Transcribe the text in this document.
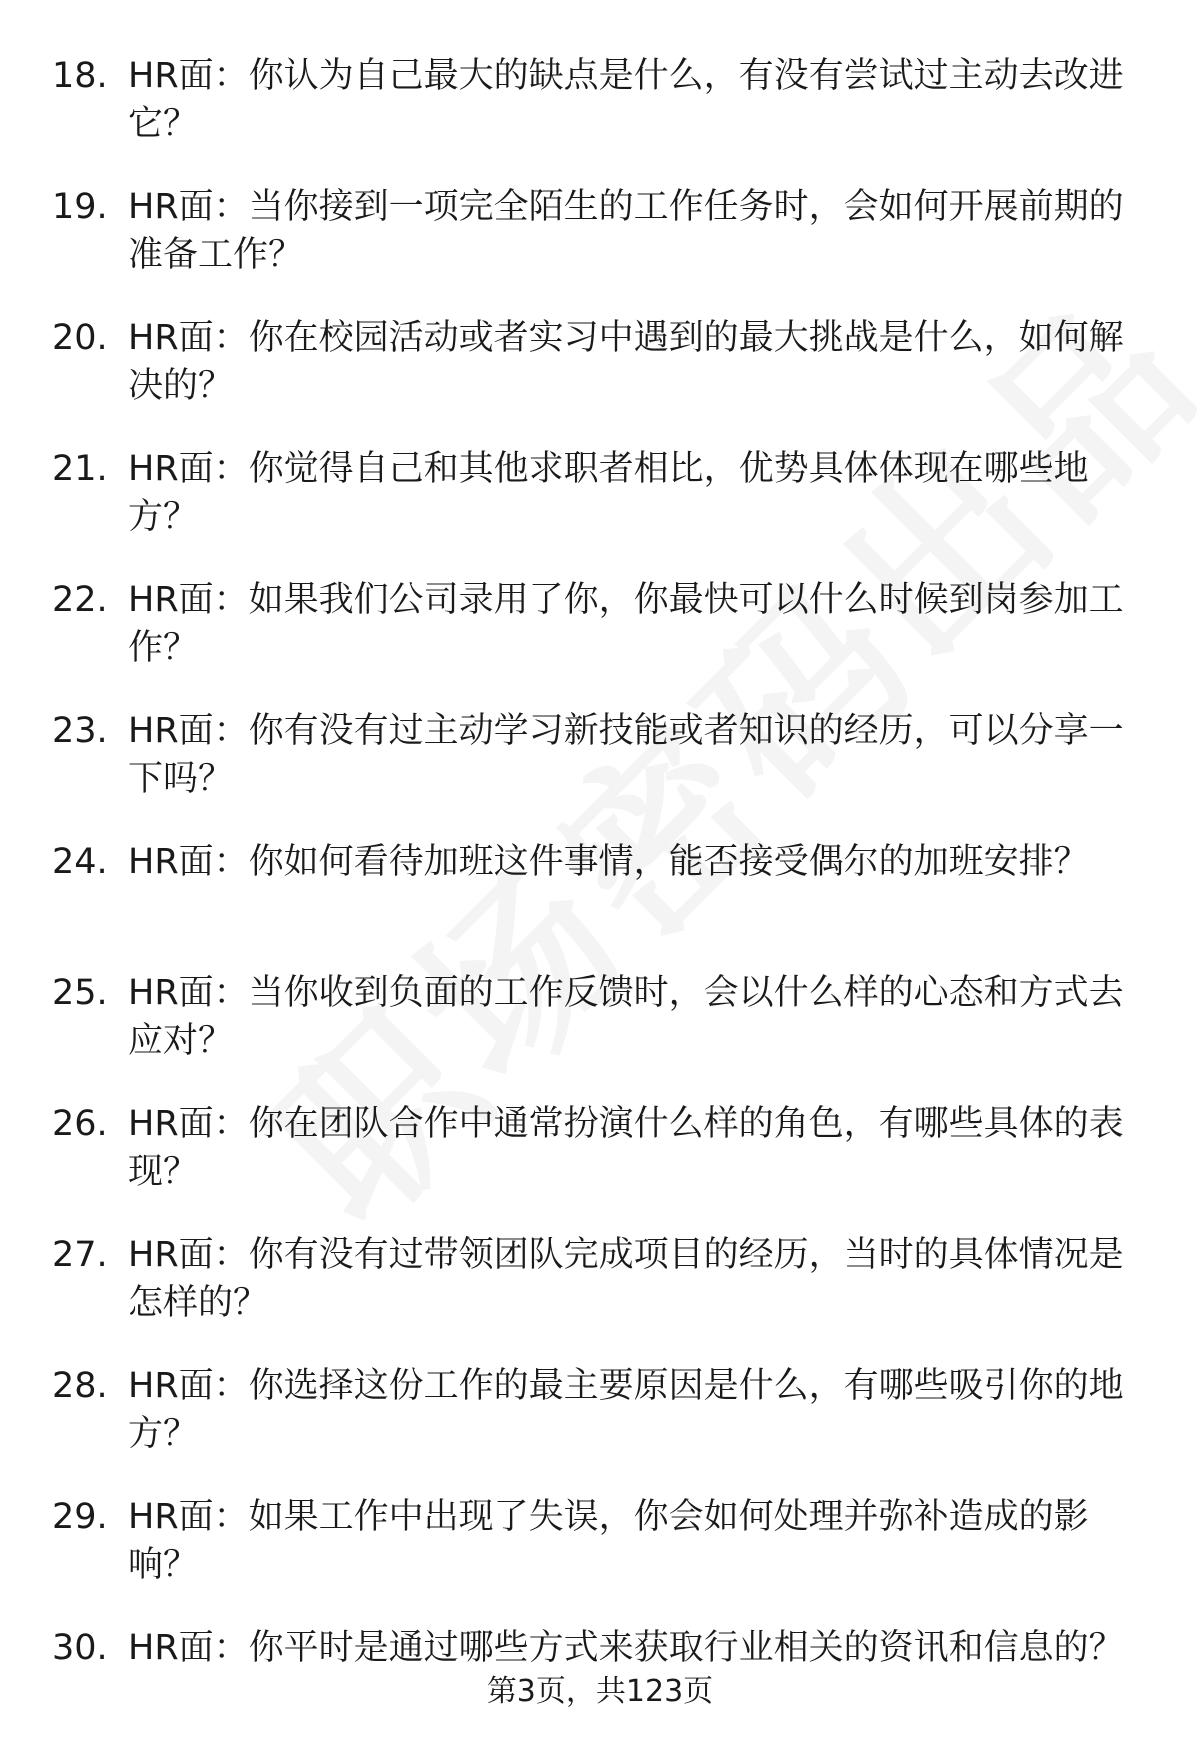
18. HR面：你认为自己最大的缺点是什么，有没有尝试过主动去改进它？
19. HR面：当你接到一项完全陌生的工作任务时，会如何开展前期的准备工作？
20. HR面：你在校园活动或者实习中遇到的最大挑战是什么，如何解决的？
21. HR面：你觉得自己和其他求职者相比，优势具体体现在哪些地方？
22. HR面：如果我们公司录用了你，你最快可以什么时候到岗参加工作？
23. HR面：你有没有过主动学习新技能或者知识的经历，可以分享一下吗？
24. HR面：你如何看待加班这件事情，能否接受偶尔的加班安排？
25. HR面：当你收到负面的工作反馈时，会以什么样的心态和方式去应对？
26. HR面：你在团队合作中通常扮演什么样的角色，有哪些具体的表现？
27. HR面：你有没有过带领团队完成项目的经历，当时的具体情况是怎样的？
28. HR面：你选择这份工作的最主要原因是什么，有哪些吸引你的地方？
29. HR面：如果工作中出现了失误，你会如何处理并弥补造成的影响？
30. HR面：你平时是通过哪些方式来获取行业相关的资讯和信息的？
第3页，共123页
